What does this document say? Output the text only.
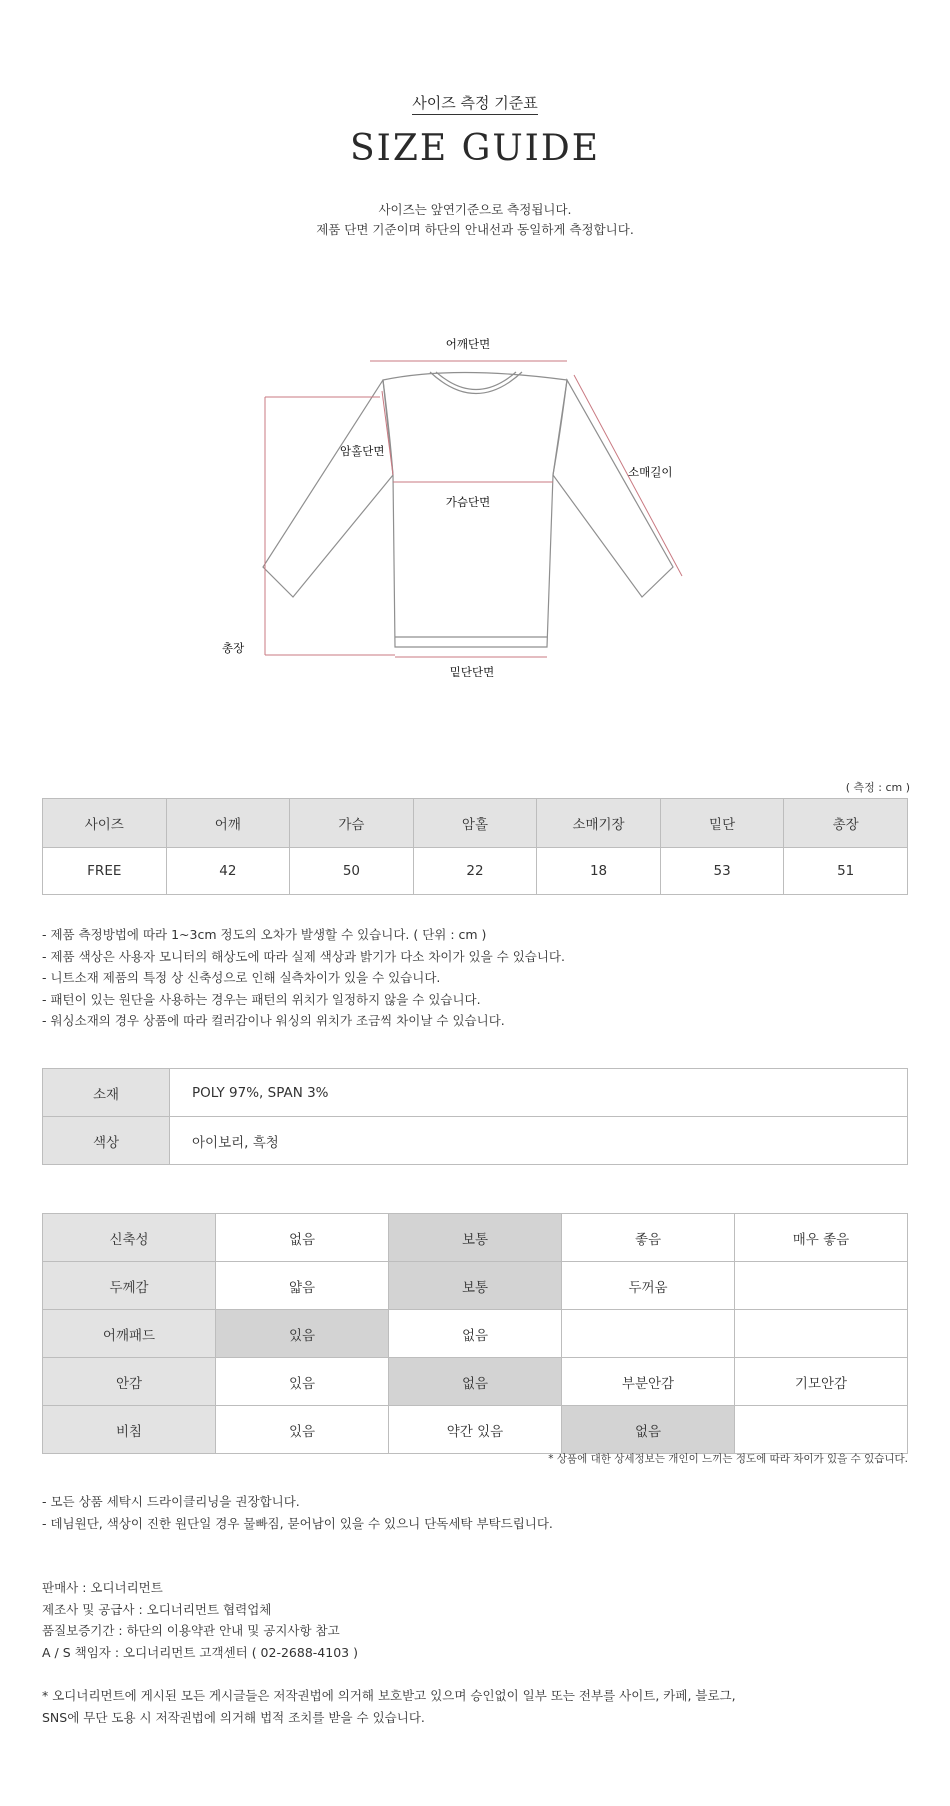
사이즈 측정 기준표
SIZE GUIDE
사이즈는 앞연기준으로 측정됩니다.
제품 단면 기준이며 하단의 안내선과 동일하게 측정합니다.
어깨단면
암홀단면
가슴단면
소매길이
총장
밑단단면
( 측정 : cm )
사이즈	어깨	가슴	암홀	소매기장	밑단	총장
FREE	42	50	22	18	53	51
- 제품 측정방법에 따라 1~3cm 정도의 오차가 발생할 수 있습니다. ( 단위 : cm )
- 제품 색상은 사용자 모니터의 해상도에 따라 실제 색상과 밝기가 다소 차이가 있을 수 있습니다.
- 니트소재 제품의 특정 상 신축성으로 인해 실측차이가 있을 수 있습니다.
- 패턴이 있는 원단을 사용하는 경우는 패턴의 위치가 일정하지 않을 수 있습니다.
- 워싱소재의 경우 상품에 따라 컬러감이나 워싱의 위치가 조금씩 차이날 수 있습니다.
소재	POLY 97%, SPAN 3%
색상	아이보리, 흑청
신축성	없음	보통	좋음	매우 좋음
두께감	얇음	보통	두꺼움	
어깨패드	있음	없음		
안감	있음	없음	부분안감	기모안감
비침	있음	약간 있음	없음	
* 상품에 대한 상세정보는 개인이 느끼는 정도에 따라 차이가 있을 수 있습니다.
- 모든 상품 세탁시 드라이클리닝을 권장합니다.
- 데님원단, 색상이 진한 원단일 경우 물빠짐, 묻어남이 있을 수 있으니 단독세탁 부탁드립니다.
판매사 : 오디너리먼트
제조사 및 공급사 : 오디너리먼트 협력업체
품질보증기간 : 하단의 이용약관 안내 및 공지사항 참고
A / S 책임자 : 오디너리먼트 고객센터 ( 02-2688-4103 )
* 오디너리먼트에 게시된 모든 게시글들은 저작권법에 의거해 보호받고 있으며 승인없이 일부 또는 전부를 사이트, 카페, 블로그,
SNS에 무단 도용 시 저작권법에 의거해 법적 조치를 받을 수 있습니다.
